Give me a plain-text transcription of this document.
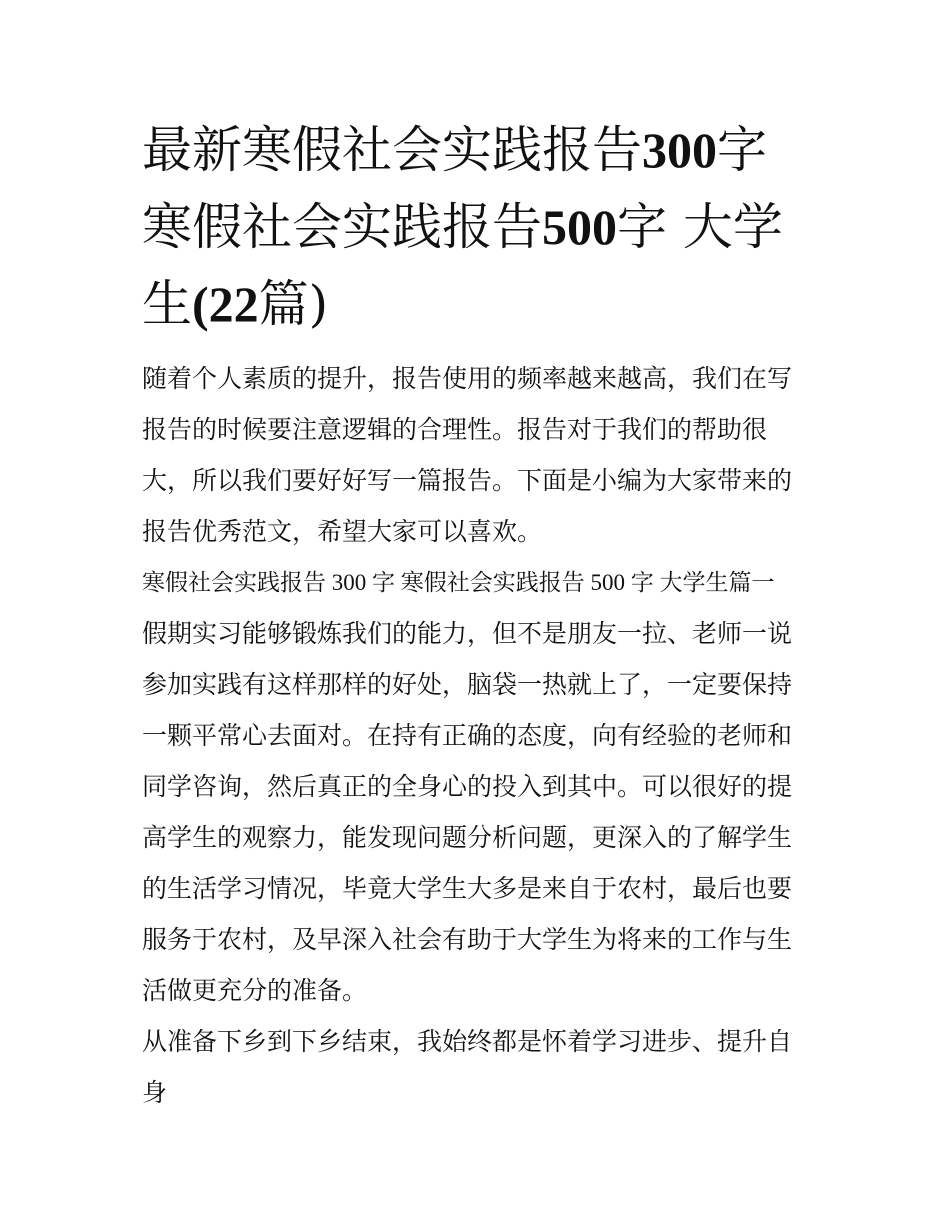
最新寒假社会实践报告300字 寒假社会实践报告500字 大学生(22篇)

随着个人素质的提升，报告使用的频率越来越高，我们在写报告的时候要注意逻辑的合理性。报告对于我们的帮助很大，所以我们要好好写一篇报告。下面是小编为大家带来的报告优秀范文，希望大家可以喜欢。

寒假社会实践报告 300 字 寒假社会实践报告 500 字 大学生篇一

假期实习能够锻炼我们的能力，但不是朋友一拉、老师一说参加实践有这样那样的好处，脑袋一热就上了，一定要保持一颗平常心去面对。在持有正确的态度，向有经验的老师和同学咨询，然后真正的全身心的投入到其中。可以很好的提高学生的观察力，能发现问题分析问题，更深入的了解学生的生活学习情况，毕竟大学生大多是来自于农村，最后也要服务于农村，及早深入社会有助于大学生为将来的工作与生活做更充分的准备。

从准备下乡到下乡结束，我始终都是怀着学习进步、提升自身
